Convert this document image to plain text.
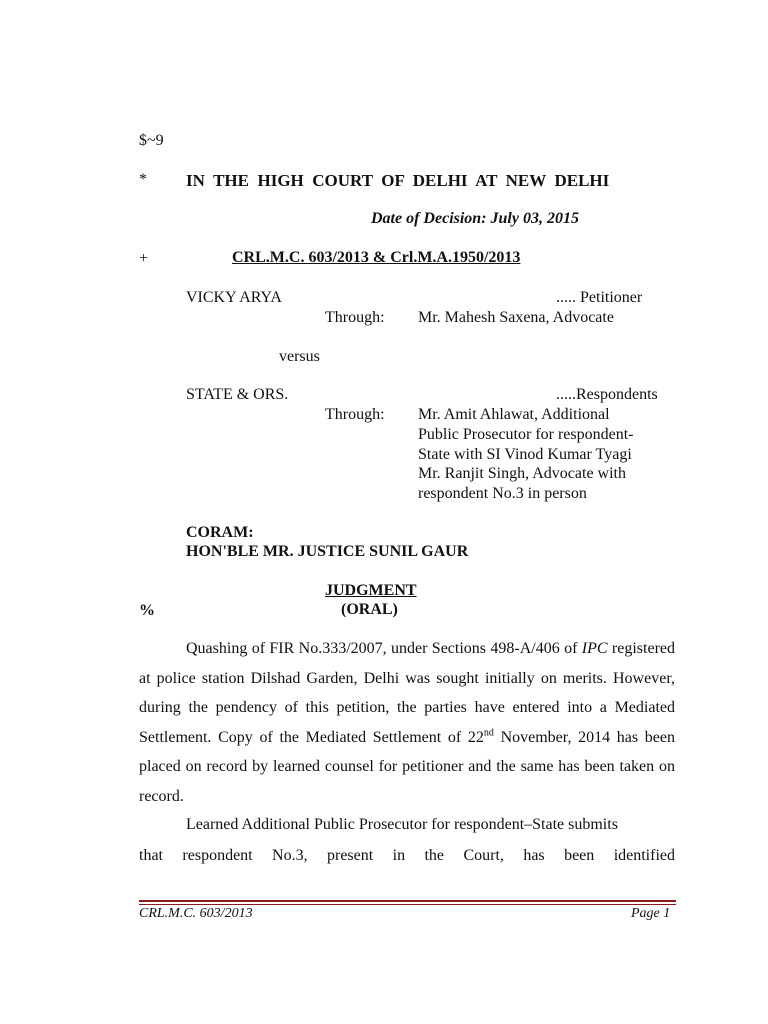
$~9
* IN  THE  HIGH  COURT  OF  DELHI  AT  NEW  DELHI
Date of Decision: July 03, 2015
+	CRL.M.C. 603/2013 & Crl.M.A.1950/2013
VICKY ARYA	..... Petitioner
Through: Mr. Mahesh Saxena, Advocate
versus
STATE & ORS.	.....Respondents
Through: Mr. Amit Ahlawat, Additional
Public Prosecutor for respondent-
State with SI Vinod Kumar Tyagi
Mr. Ranjit Singh, Advocate with
respondent No.3 in person
CORAM:
HON'BLE MR. JUSTICE SUNIL GAUR
JUDGMENT
%	(ORAL)
Quashing of FIR No.333/2007, under Sections 498-A/406 of IPC registered at police station Dilshad Garden, Delhi was sought initially on merits. However, during the pendency of this petition, the parties have entered into a Mediated Settlement. Copy of the Mediated Settlement of 22nd November, 2014 has been placed on record by learned counsel for petitioner and the same has been taken on record.
Learned Additional Public Prosecutor for respondent–State submits
that  respondent  No.3,  present  in  the  Court,  has  been  identified
CRL.M.C. 603/2013	Page 1
